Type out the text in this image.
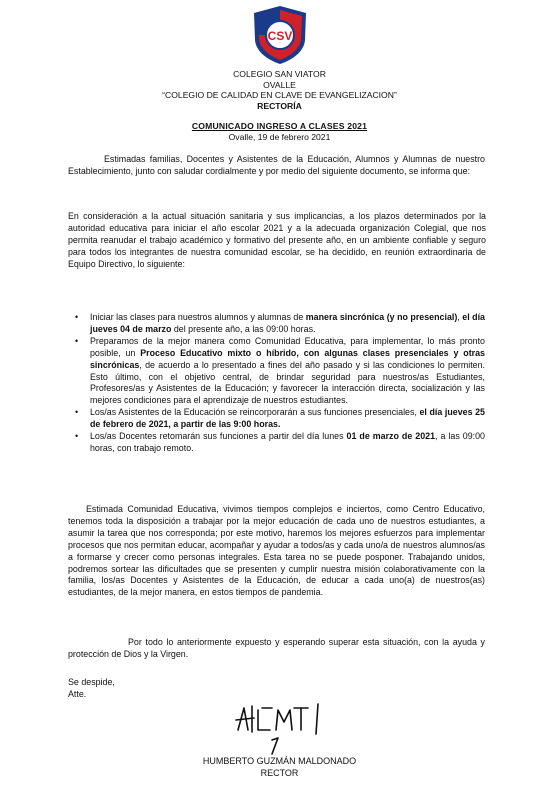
CSV
COLEGIO SAN VIATOR
OVALLE
“COLEGIO DE CALIDAD EN CLAVE DE EVANGELIZACION”
RECTORÍA
COMUNICADO INGRESO A CLASES 2021
Ovalle, 19 de febrero 2021

Estimadas familias, Docentes y Asistentes de la Educación, Alumnos y Alumnas de nuestro Establecimiento, junto con saludar cordialmente y por medio del siguiente documento, se informa que:

En consideración a la actual situación sanitaria y sus implicancias, a los plazos determinados por la autoridad educativa para iniciar el año escolar 2021 y a la adecuada organización Colegial, que nos permita reanudar el trabajo académico y formativo del presente año, en un ambiente confiable y seguro para todos los integrantes de nuestra comunidad escolar, se ha decidido, en reunión extraordinaria de Equipo Directivo, lo siguiente:

• Iniciar las clases para nuestros alumnos y alumnas de manera sincrónica (y no presencial), el día jueves 04 de marzo del presente año, a las 09:00 horas.
• Preparamos de la mejor manera como Comunidad Educativa, para implementar, lo más pronto posible, un Proceso Educativo mixto o híbrido, con algunas clases presenciales y otras sincrónicas, de acuerdo a lo presentado a fines del año pasado y si las condiciones lo permiten. Esto último, con el objetivo central, de brindar seguridad para nuestros/as Estudiantes, Profesores/as y Asistentes de la Educación; y favorecer la interacción directa, socialización y las mejores condiciones para el aprendizaje de nuestros estudiantes.
• Los/as Asistentes de la Educación se reincorporarán a sus funciones presenciales, el día jueves 25 de febrero de 2021, a partir de las 9:00 horas.
• Los/as Docentes retomarán sus funciones a partir del día lunes 01 de marzo de 2021, a las 09:00 horas, con trabajo remoto.

Estimada Comunidad Educativa, vivimos tiempos complejos e inciertos, como Centro Educativo, tenemos toda la disposición a trabajar por la mejor educación de cada uno de nuestros estudiantes, a asumir la tarea que nos corresponda; por este motivo, haremos los mejores esfuerzos para implementar procesos que nos permitan educar, acompañar y ayudar a todos/as y cada uno/a de nuestros alumnos/as a formarse y crecer como personas integrales. Esta tarea no se puede posponer. Trabajando unidos, podremos sortear las dificultades que se presenten y cumplir nuestra misión colaborativamente con la familia, los/as Docentes y Asistentes de la Educación, de educar a cada uno(a) de nuestros(as) estudiantes, de la mejor manera, en estos tiempos de pandemia.

Por todo lo anteriormente expuesto y esperando superar esta situación, con la ayuda y protección de Dios y la Virgen.

Se despide,

Atte.

HUMBERTO GUZMÁN MALDONADO
RECTOR
